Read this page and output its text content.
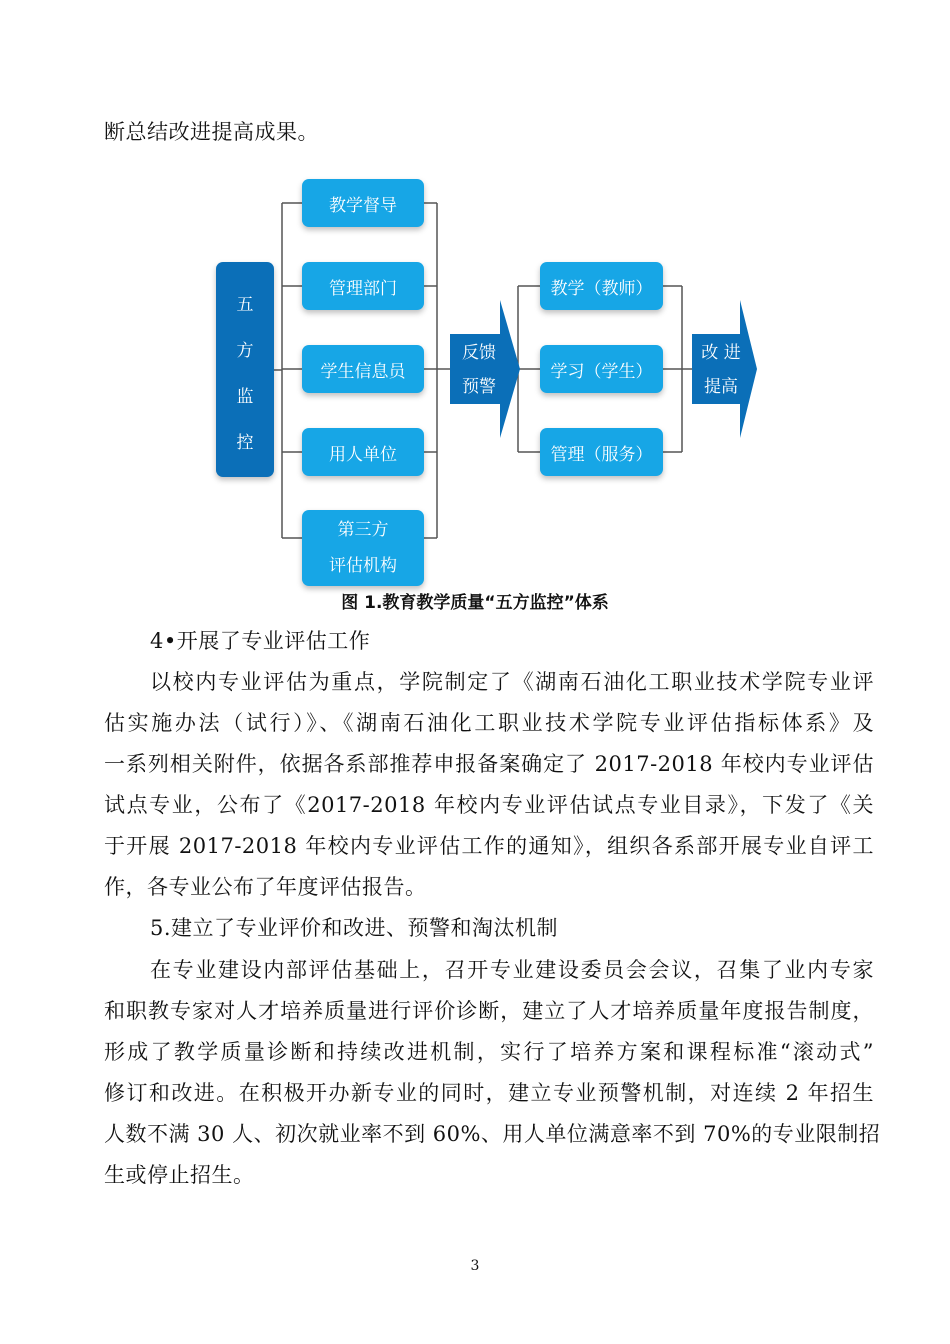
断总结改进提高成果。
五
方
监
控
教学督导
管理部门
学生信息员
用人单位
第三方
评估机构
反馈
预警
教学（教师）
学习（学生）
管理（服务）
改 进
提高
图 1.教育教学质量“五方监控”体系
4•开展了专业评估工作
以校内专业评估为重点，学院制定了《湖南石油化工职业技术学院专业评
估实施办法（试行）》、《湖南石油化工职业技术学院专业评估指标体系》及
一系列相关附件，依据各系部推荐申报备案确定了 2017-2018 年校内专业评估
试点专业，公布了《2017-2018 年校内专业评估试点专业目录》，下发了《关
于开展 2017-2018 年校内专业评估工作的通知》，组织各系部开展专业自评工
作，各专业公布了年度评估报告。
5.建立了专业评价和改进、预警和淘汰机制
在专业建设内部评估基础上，召开专业建设委员会会议，召集了业内专家
和职教专家对人才培养质量进行评价诊断，建立了人才培养质量年度报告制度，
形成了教学质量诊断和持续改进机制，实行了培养方案和课程标准“滚动式”
修订和改进。在积极开办新专业的同时，建立专业预警机制，对连续 2 年招生
人数不满 30 人、初次就业率不到 60%、用人单位满意率不到 70%的专业限制招
生或停止招生。
3
